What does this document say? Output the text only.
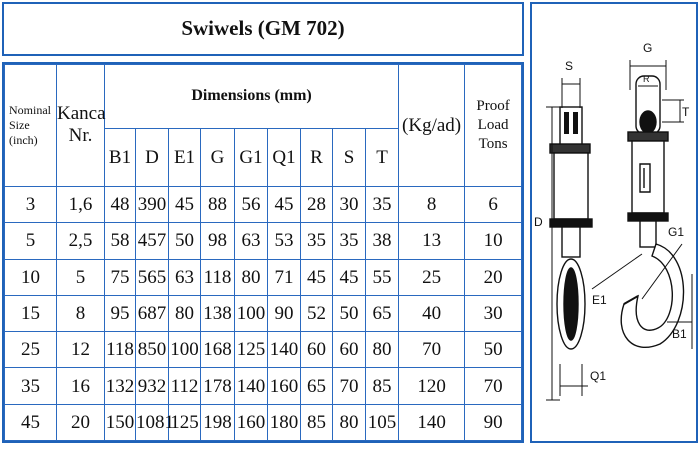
Swiwels (GM 702)
Nominal Size (inch)	Kanca Nr.	Dimensions (mm)									(Kg/ad)	Proof Load Tons
		B1	D	E1	G	G1	Q1	R	S	T		
3	1,6	48	390	45	88	56	45	28	30	35	8	6
5	2,5	58	457	50	98	63	53	35	35	38	13	10
10	5	75	565	63	118	80	71	45	45	55	25	20
15	8	95	687	80	138	100	90	52	50	65	40	30
25	12	118	850	100	168	125	140	60	60	80	70	50
35	16	132	932	112	178	140	160	65	70	85	120	70
45	20	150	1081	125	198	160	180	85	80	105	140	90
S
G
R
T
D
G1
E1
B1
Q1
